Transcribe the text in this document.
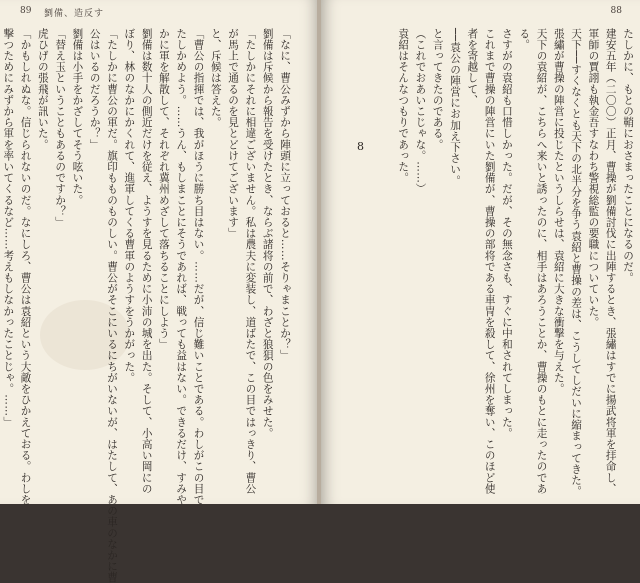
89 劉備、造反す
「なに、曹公みずから陣頭に立っておると……そりゃまことか？」
劉備は斥候から報告を受けたとき、ならぶ諸将の前で、わざと狼狽の色をみせた。
「たしかにそれに相違ございません。私は農夫に変装し、道ばたで、この目ではっきり、曹公
が馬上で通るのを見とどけてございます」
と、斥候は答えた。
「曹公の指揮では、我がほうに勝ち目はない。……だが、信じ難いことである。わしがこの目で
たしかめよう。……うん、もしまことにそうであれば、戦っても益はない。できるだけ、すみや
かに軍を解散して、それぞれ冀州めざして落ちることにしよう」
劉備は数十人の側近だけを従え、ようすを見るために小沛の城を出た。そして、小高い岡にの
ぼり、林のなかにかくれて、進軍してくる曹軍のようすをうかがった。
「たしかに曹公の軍だ。旗印もものものしい。曹公がそこにいるにちがいないが、はたして、あの車のなかに曹
公はいるのだろうか？」
劉備は小手をかざしてそう呟いた。
「替え玉ということもあるのですか？」
虎ひげの張飛が訊いた。
「かもしれぬな。信じられないのだ。なにしろ、曹公は袁紹という大敵をひかえておる。わしを
撃つためにみずから軍を率いてくるなど……考えもしなかったことじゃ。……」
88
たしかに、もとの鞘におさまったことになるのだ。
建安五年（二〇〇）正月、曹操が劉備討伐に出陣するとき、張繡はすでに揚武将軍を拝命し、
軍師の賈詡も執金吾すなわち警視総監の要職についていた。
天下──すくなくとも天下の北半分を争う袁紹と曹操の差は、こうしてしだいに縮まってきた。
張繡が曹操の陣営に投じたというしらせは、袁紹に大きな衝撃を与えた。
天下の袁紹が、こちらへ来いと誘ったのに、相手はあろうことか、曹操のもとに走ったのであ
る。
さすがの袁紹も口惜しかった。だが、その無念さも、すぐに中和されてしまった。
これまで曹操の陣営にいた劉備が、曹操の部将である車冑を殺して、徐州を奪い、このほど使
者を寄越して、
──袁公の陣営にお加え下さい。
と言ってきたのである。
（これでおあいこじゃな。……）
袁紹はそんなつもりであった。
8
